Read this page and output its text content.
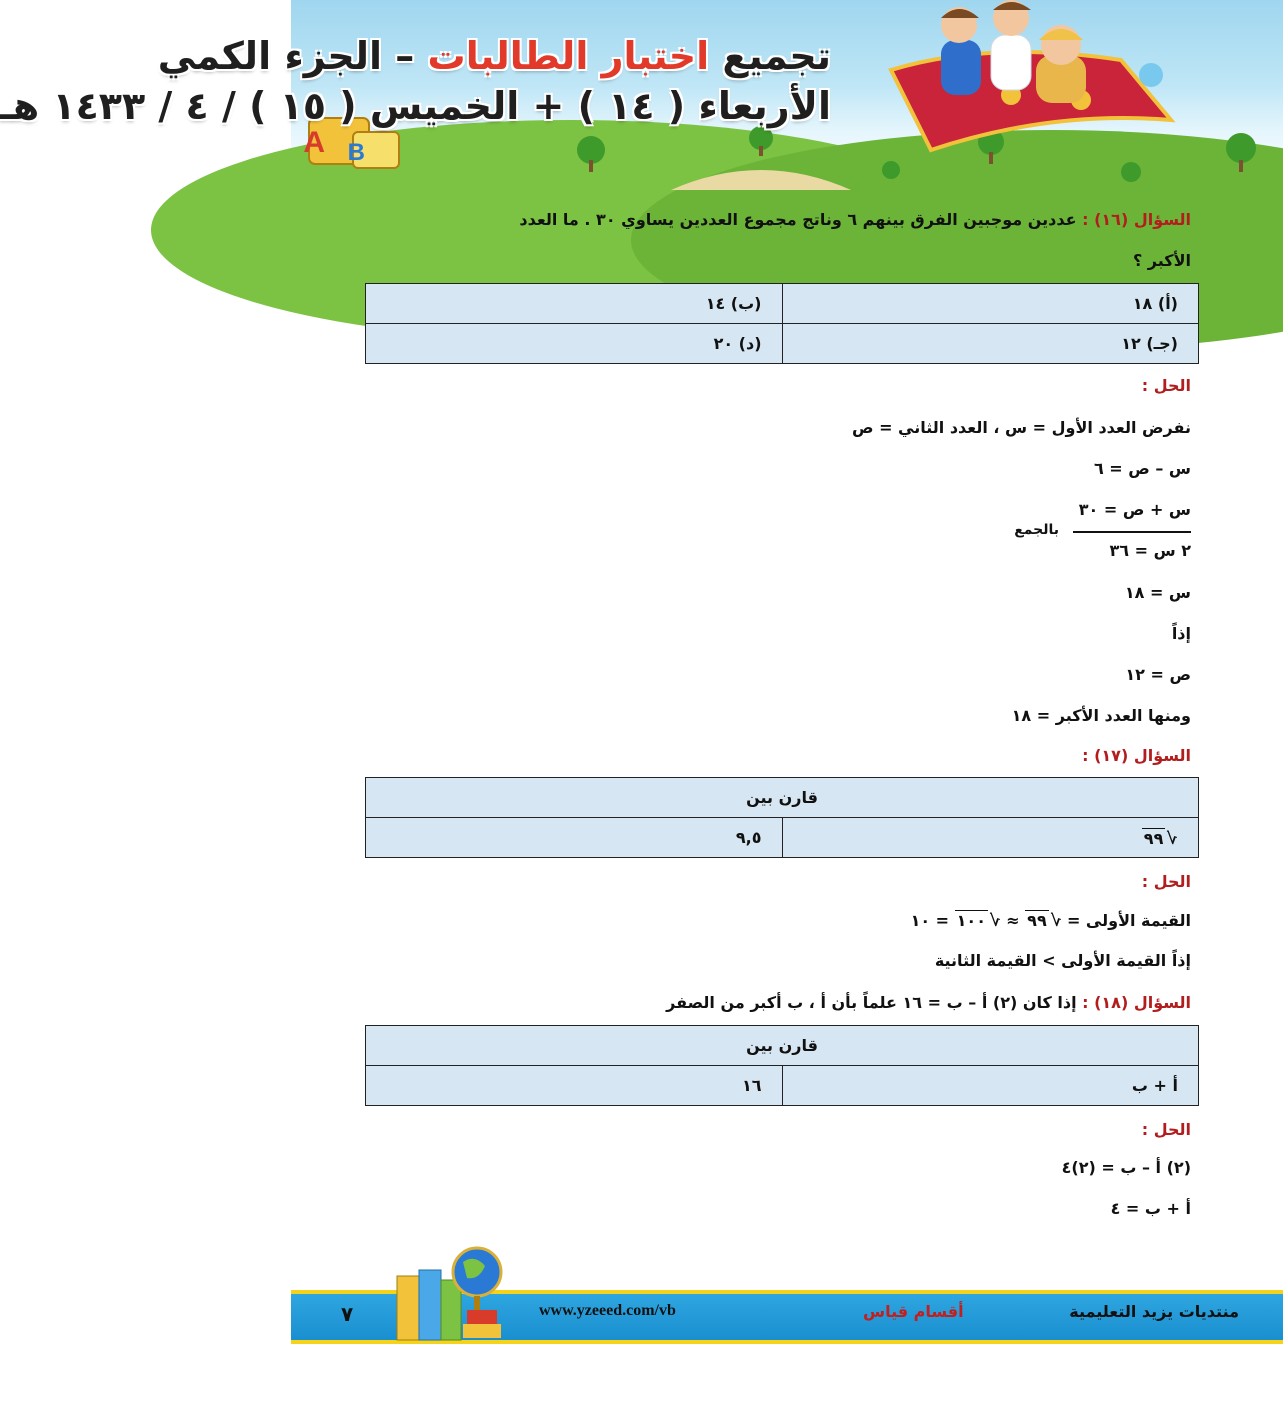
A B
تجميع اختبار الطالبات – الجزء الكمي
الأربعاء ( ١٤ ) + الخميس ( ١٥ ) / ٤ / ١٤٣٣ هـ
السؤال (١٦) : عددين موجبين الفرق بينهم ٦ وناتج مجموع العددين يساوي ٣٠ . ما العدد
الأكبر ؟
(أ) ١٨	(ب) ١٤
(جـ) ١٢	(د) ٢٠
الحل :
نفرض العدد الأول = س ، العدد الثاني = ص
س – ص = ٦
س + ص = ٣٠
بالجمع
٢ س = ٣٦
س = ١٨
إذاً
ص = ١٢
ومنها العدد الأكبر = ١٨
السؤال (١٧) :
قارن بين
√٩٩	٩,٥
الحل :
القيمة الأولى = √٩٩ ≈ √١٠٠ = ١٠
إذاً القيمة الأولى > القيمة الثانية
السؤال (١٨) : إذا كان (٢) أ – ب = ١٦ علماً بأن أ ، ب أكبر من الصفر
قارن بين
أ + ب	١٦
الحل :
(٢) أ – ب = (٢)٤
أ + ب = ٤
٧	www.yzeeed.com/vb	أقسام قياس	منتديات يزيد التعليمية
